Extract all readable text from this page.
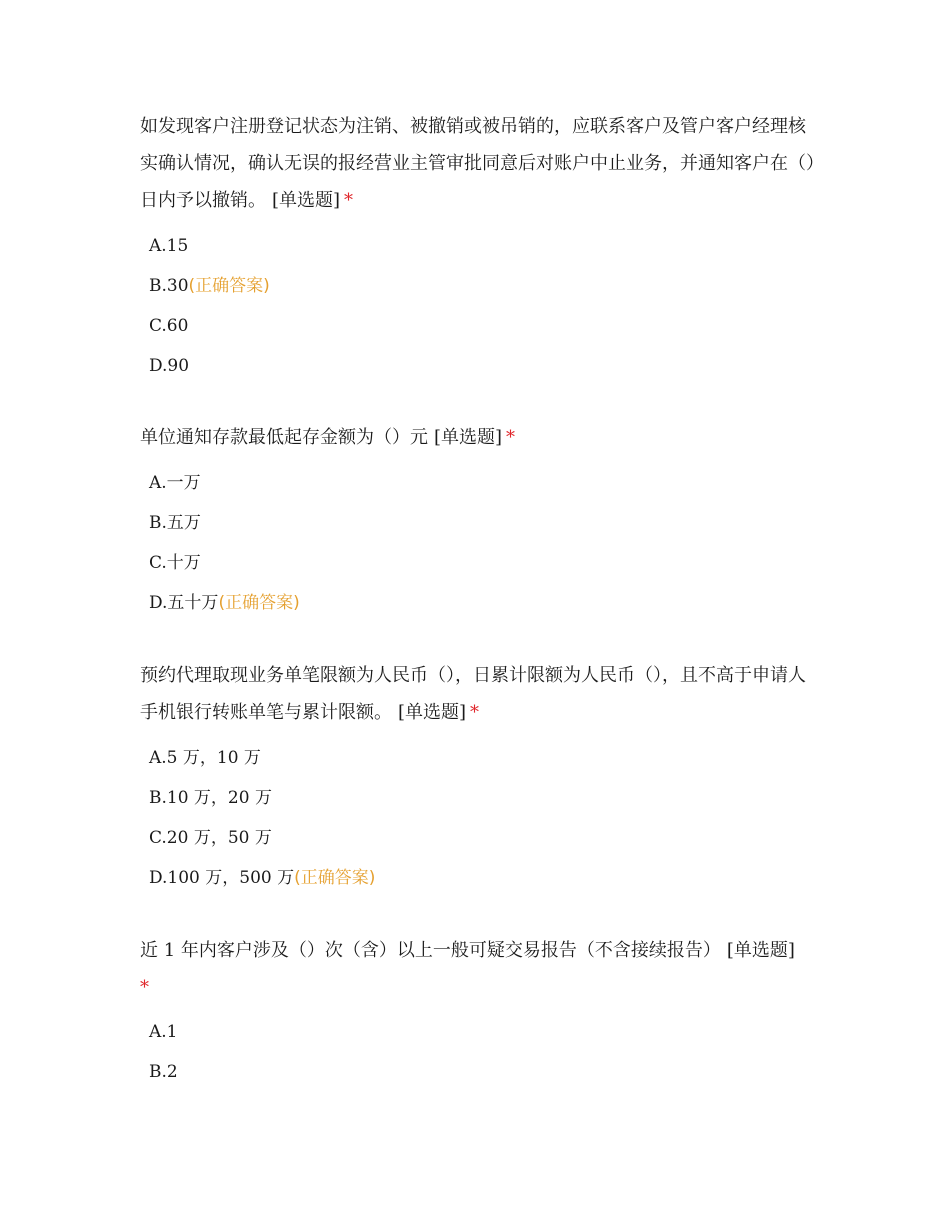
如发现客户注册登记状态为注销、被撤销或被吊销的，应联系客户及管户客户经理核实确认情况，确认无误的报经营业主管审批同意后对账户中止业务，并通知客户在（）日内予以撤销。 [单选题] *

A.15
B.30(正确答案)
C.60
D.90

单位通知存款最低起存金额为（）元 [单选题] *

A.一万
B.五万
C.十万
D.五十万(正确答案)

预约代理取现业务单笔限额为人民币（），日累计限额为人民币（），且不高于申请人手机银行转账单笔与累计限额。 [单选题] *

A.5 万，10 万
B.10 万，20 万
C.20 万，50 万
D.100 万，500 万(正确答案)

近 1 年内客户涉及（）次（含）以上一般可疑交易报告（不含接续报告） [单选题]
*

A.1
B.2
